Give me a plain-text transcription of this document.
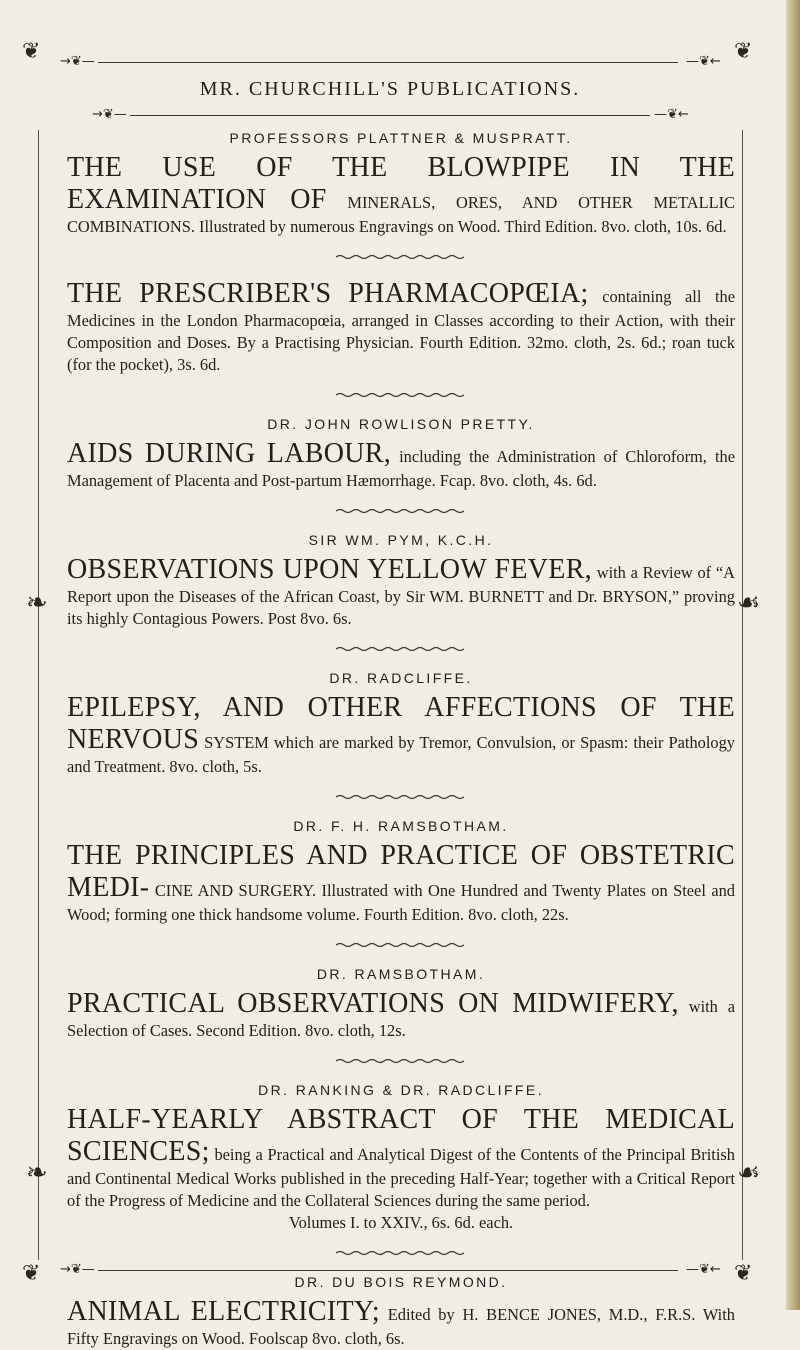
❦	❦
❦	❦
❧	☙
❧	☙
→❦—	—❦←
MR. CHURCHILL'S PUBLICATIONS.
→❦—	—❦←
→❦—	—❦←

PROFESSORS PLATTNER & MUSPRATT.

THE USE OF THE BLOWPIPE IN THE EXAMINATION OF MINERALS, ORES, AND OTHER METALLIC COMBINATIONS. Illustrated by numerous Engravings on Wood. Third Edition. 8vo. cloth, 10s. 6d.

THE PRESCRIBER'S PHARMACOPŒIA; containing all the Medicines in the London Pharmacopœia, arranged in Classes according to their Action, with their Composition and Doses. By a Practising Physician. Fourth Edition. 32mo. cloth, 2s. 6d.; roan tuck (for the pocket), 3s. 6d.

DR. JOHN ROWLISON PRETTY.

AIDS DURING LABOUR, including the Administration of Chloroform, the Management of Placenta and Post-partum Hæmorrhage. Fcap. 8vo. cloth, 4s. 6d.

SIR WM. PYM, K.C.H.

OBSERVATIONS UPON YELLOW FEVER, with a Review of “A Report upon the Diseases of the African Coast, by Sir WM. BURNETT and Dr. BRYSON,” proving its highly Contagious Powers. Post 8vo. 6s.

DR. RADCLIFFE.

EPILEPSY, AND OTHER AFFECTIONS OF THE NERVOUS SYSTEM which are marked by Tremor, Convulsion, or Spasm: their Pathology and Treatment. 8vo. cloth, 5s.

DR. F. H. RAMSBOTHAM.

THE PRINCIPLES AND PRACTICE OF OBSTETRIC MEDI- CINE AND SURGERY. Illustrated with One Hundred and Twenty Plates on Steel and Wood; forming one thick handsome volume. Fourth Edition. 8vo. cloth, 22s.

DR. RAMSBOTHAM.

PRACTICAL OBSERVATIONS ON MIDWIFERY, with a Selection of Cases. Second Edition. 8vo. cloth, 12s.

DR. RANKING & DR. RADCLIFFE.

HALF-YEARLY ABSTRACT OF THE MEDICAL SCIENCES; being a Practical and Analytical Digest of the Contents of the Principal British and Continental Medical Works published in the preceding Half-Year; together with a Critical Report of the Progress of Medicine and the Collateral Sciences during the same period.

Volumes I. to XXIV., 6s. 6d. each.

DR. DU BOIS REYMOND.

ANIMAL ELECTRICITY; Edited by H. BENCE JONES, M.D., F.R.S. With Fifty Engravings on Wood. Foolscap 8vo. cloth, 6s.
